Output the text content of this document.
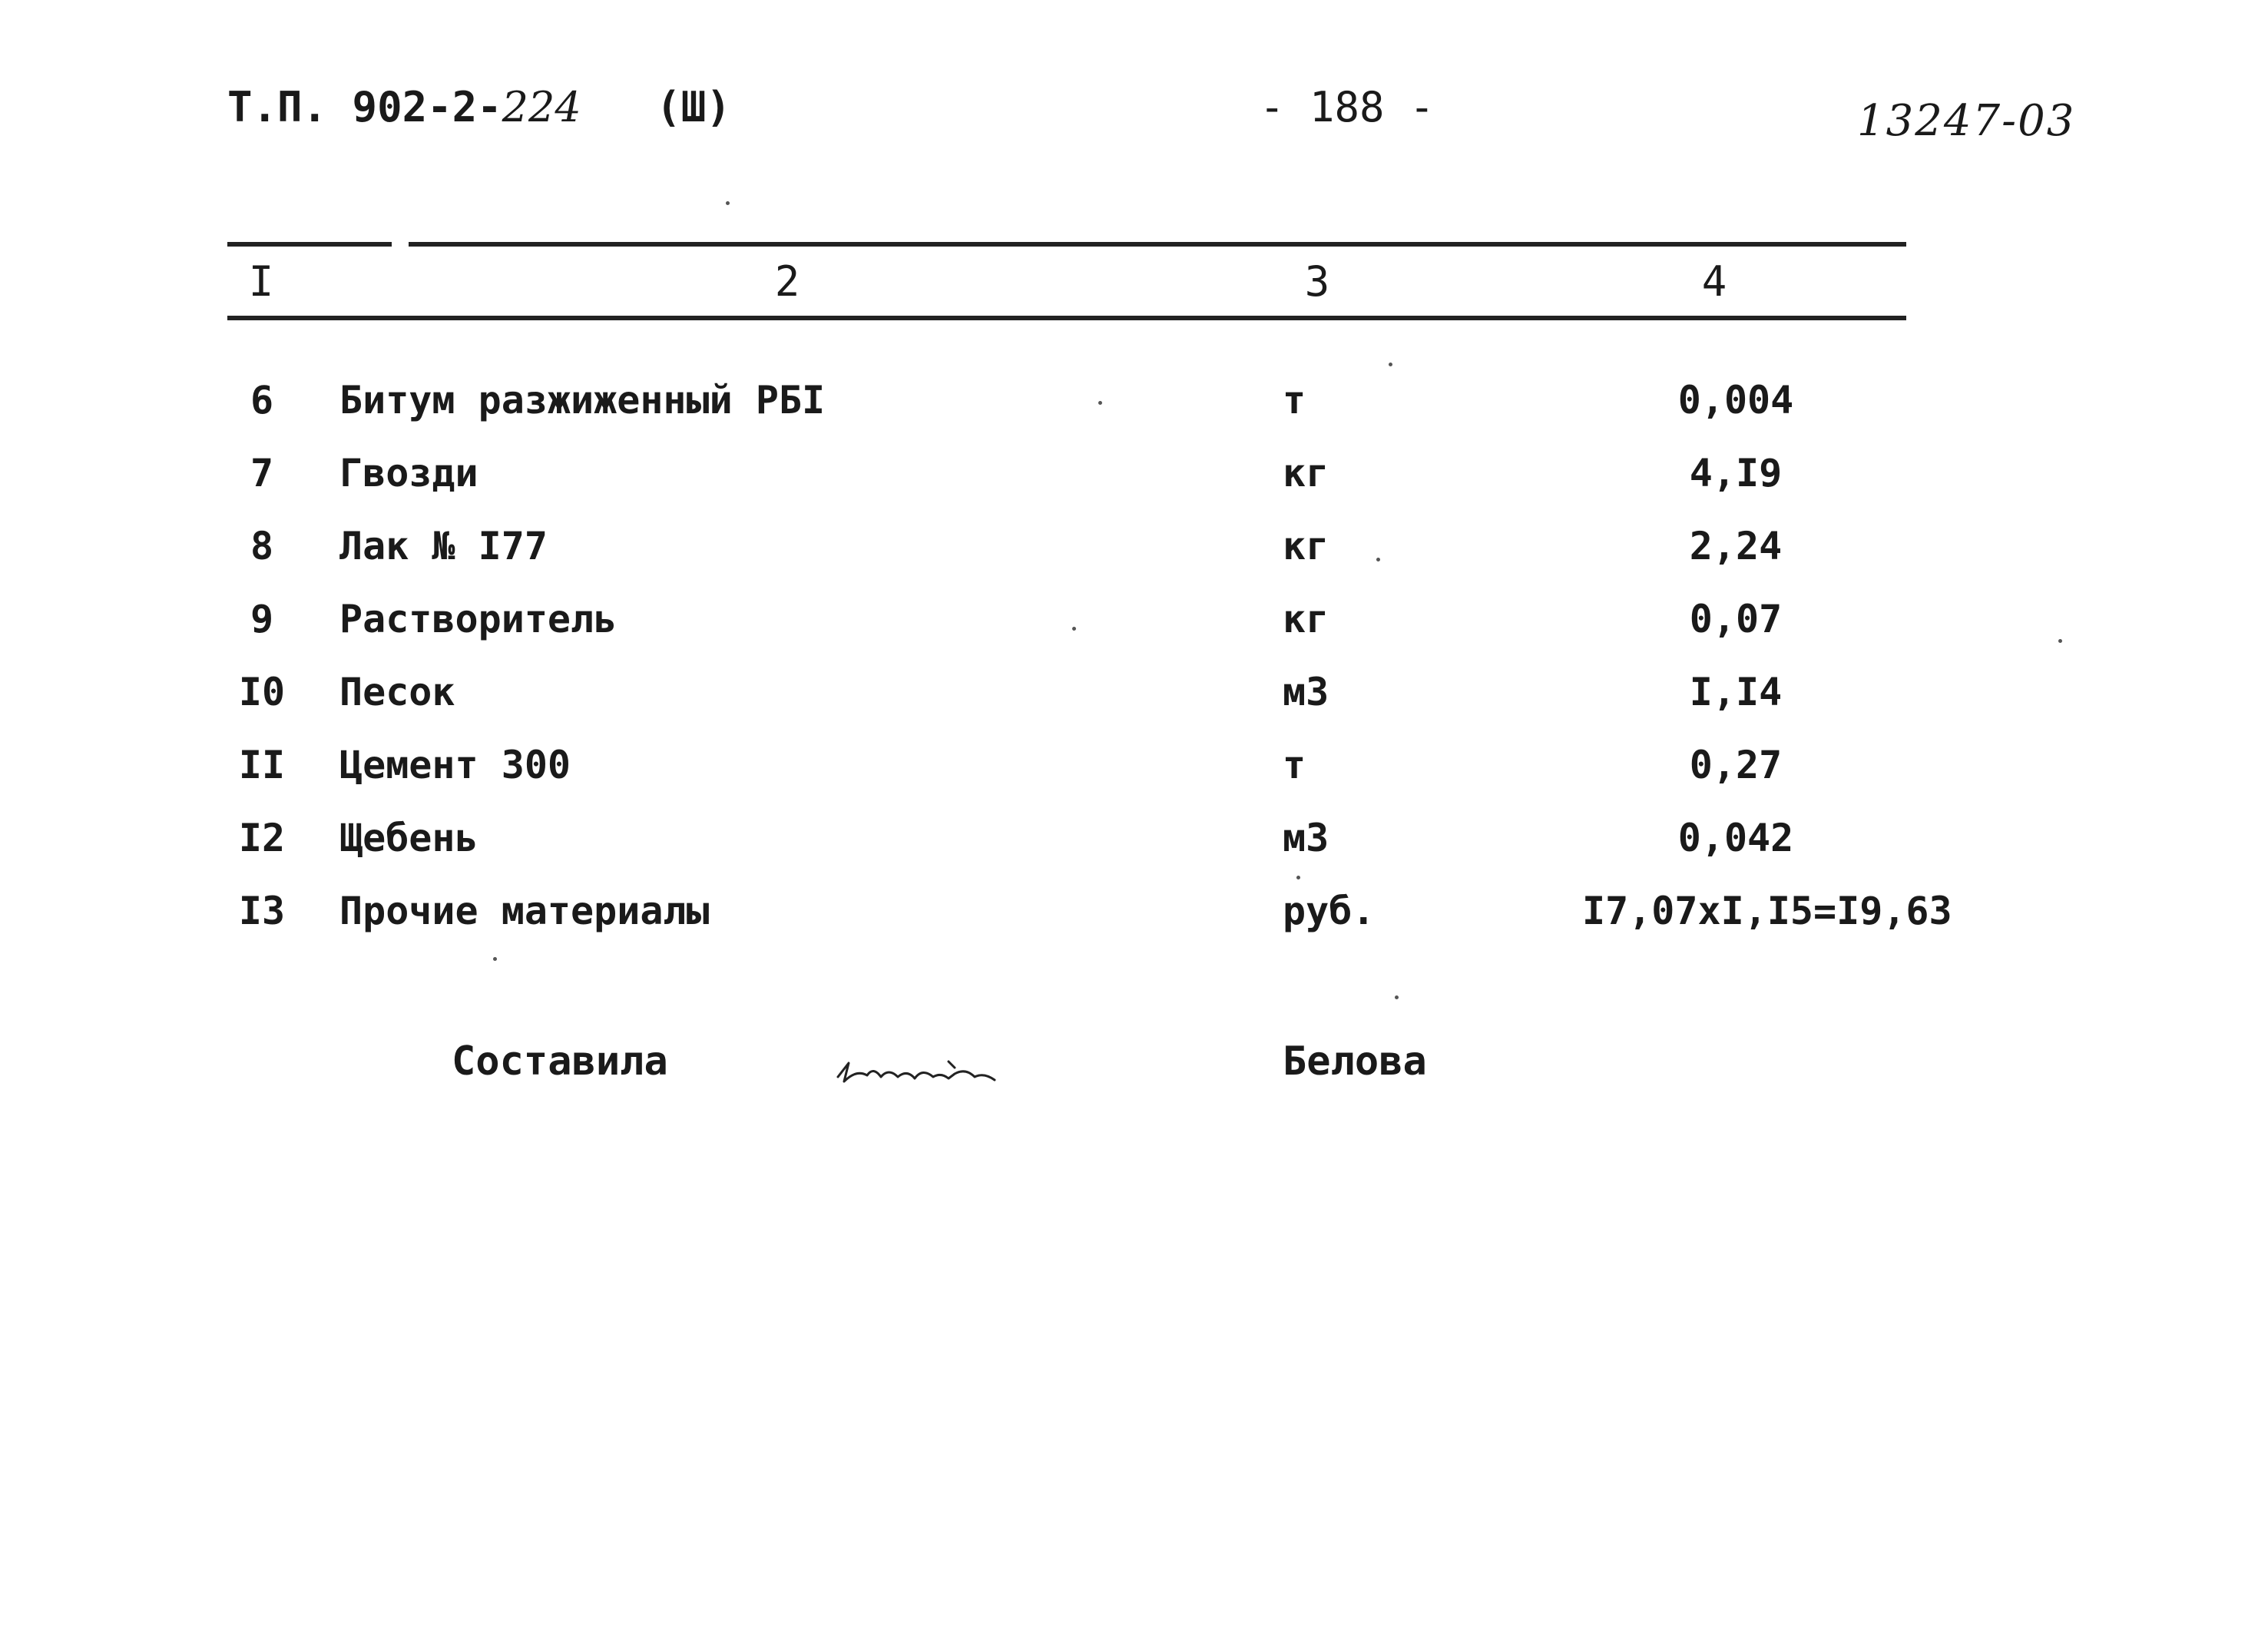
Т.П. 902-2-224 (Ш)	- 188 -	13247-03
I	2	3	4
6	Битум разжиженный РБI	т	0,004
7	Гвозди	кг	4,I9
8	Лак № I77	кг	2,24
9	Растворитель	кг	0,07
I0 Песок	м3	I,I4
II Цемент 300	т	0,27
I2 Щебень	м3	0,042
I3 Прочие материалы	руб.	I7,07xI,I5=I9,63
Составила	Белова
